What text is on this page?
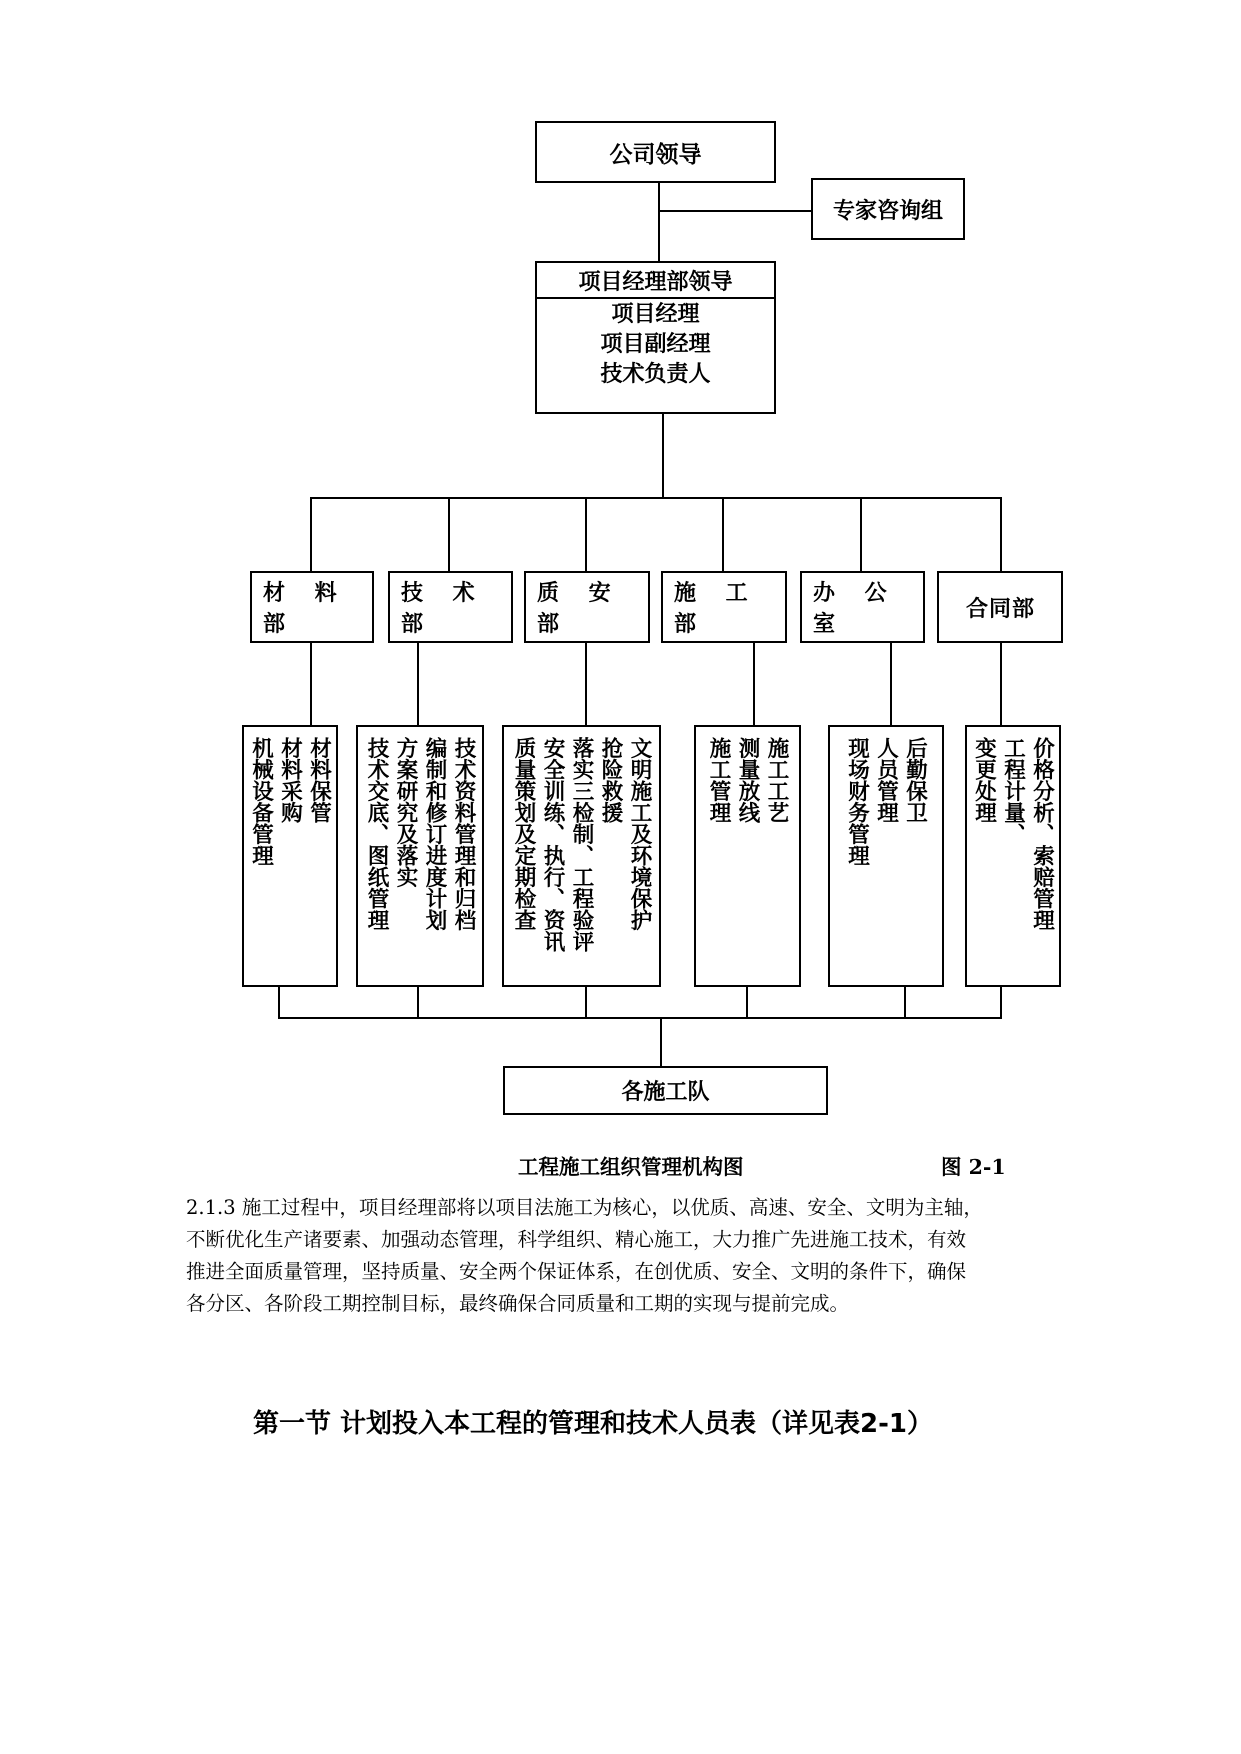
公司领导
专家咨询组
项目经理部领导
项目经理
项目副经理
技术负责人
材 料 部
技 术 部
质 安 部
施 工 部
办 公 室
合同部
材料保管
材料采购
机械设备管理	技术资料管理和归档
编制和修订进度计划
方案研究及落实
技术交底、图纸管理	文明施工及环境保护
抢险救援
落实三检制、工程验评
安全训练、执行、资讯
质量策划及定期检查	施工工艺
测量放线
施工管理	后勤保卫
人员管理
现场财务管理	价格分析、索赔管理
工程计量、
变更处理
各施工队
工程施工组织管理机构图	图 2-1

2.1.3 施工过程中，项目经理部将以项目法施工为核心，以优质、高速、安全、文明为主轴，

不断优化生产诸要素、加强动态管理，科学组织、精心施工，大力推广先进施工技术，有效

推进全面质量管理，坚持质量、安全两个保证体系，在创优质、安全、文明的条件下，确保

各分区、各阶段工期控制目标，最终确保合同质量和工期的实现与提前完成。

第一节 计划投入本工程的管理和技术人员表（详见表2-1）
